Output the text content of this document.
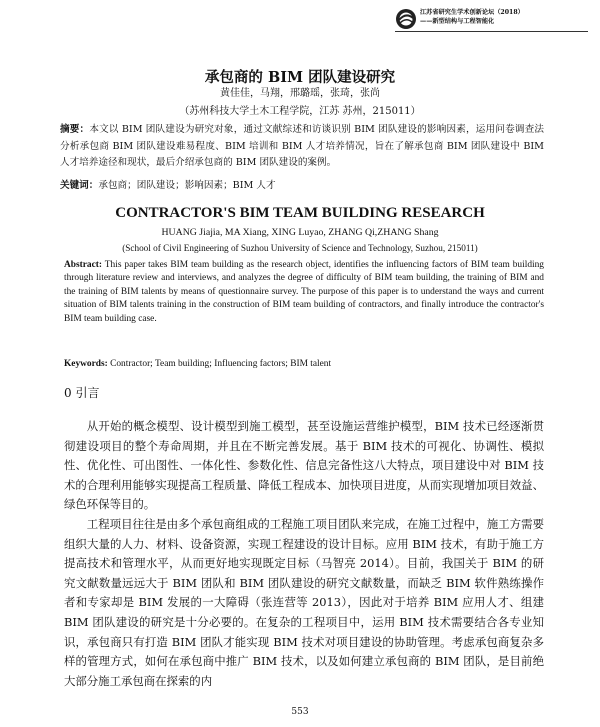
江苏省研究生学术创新论坛（2018）
——新型结构与工程智能化
承包商的 BIM 团队建设研究
黄佳佳，马翔，邢璐瑶，张琦，张尚
（苏州科技大学土木工程学院，江苏 苏州，215011）
摘要：本文以 BIM 团队建设为研究对象，通过文献综述和访谈识别 BIM 团队建设的影响因素，运用问卷调查法分析承包商 BIM 团队建设难易程度、BIM 培训和 BIM 人才培养情况，旨在了解承包商 BIM 团队建设中 BIM 人才培养途径和现状，最后介绍承包商的 BIM 团队建设的案例。
关键词：承包商；团队建设；影响因素；BIM 人才
CONTRACTOR'S BIM TEAM BUILDING RESEARCH
HUANG Jiajia, MA Xiang, XING Luyao, ZHANG Qi,ZHANG Shang
(School of Civil Engineering of Suzhou University of Science and Technology, Suzhou, 215011)
Abstract: This paper takes BIM team building as the research object, identifies the influencing factors of BIM team building through literature review and interviews, and analyzes the degree of difficulty of BIM team building, the training of BIM and the training of BIM talents by means of questionnaire survey. The purpose of this paper is to understand the ways and current situation of BIM talents training in the construction of BIM team building of contractors, and finally introduce the contractor's BIM team building case.
Keywords: Contractor; Team building; Influencing factors; BIM talent
0 引言

从开始的概念模型、设计模型到施工模型，甚至设施运营维护模型，BIM 技术已经逐渐贯彻建设项目的整个寿命周期，并且在不断完善发展。基于 BIM 技术的可视化、协调性、模拟性、优化性、可出图性、一体化性、参数化性、信息完备性这八大特点，项目建设中对 BIM 技术的合理利用能够实现提高工程质量、降低工程成本、加快项目进度，从而实现增加项目效益、绿色环保等目的。

工程项目往往是由多个承包商组成的工程施工项目团队来完成，在施工过程中，施工方需要组织大量的人力、材料、设备资源，实现工程建设的设计目标。应用 BIM 技术，有助于施工方提高技术和管理水平，从而更好地实现既定目标（马智亮 2014）。目前，我国关于 BIM 的研究文献数量远远大于 BIM 团队和 BIM 团队建设的研究文献数量，而缺乏 BIM 软件熟练操作者和专家却是 BIM 发展的一大障碍（张连营等 2013），因此对于培养 BIM 应用人才、组建 BIM 团队建设的研究是十分必要的。在复杂的工程项目中，运用 BIM 技术需要结合各专业知识，承包商只有打造 BIM 团队才能实现 BIM 技术对项目建设的协助管理。考虑承包商复杂多样的管理方式，如何在承包商中推广 BIM 技术，以及如何建立承包商的 BIM 团队，是目前绝大部分施工承包商在探索的内

553
